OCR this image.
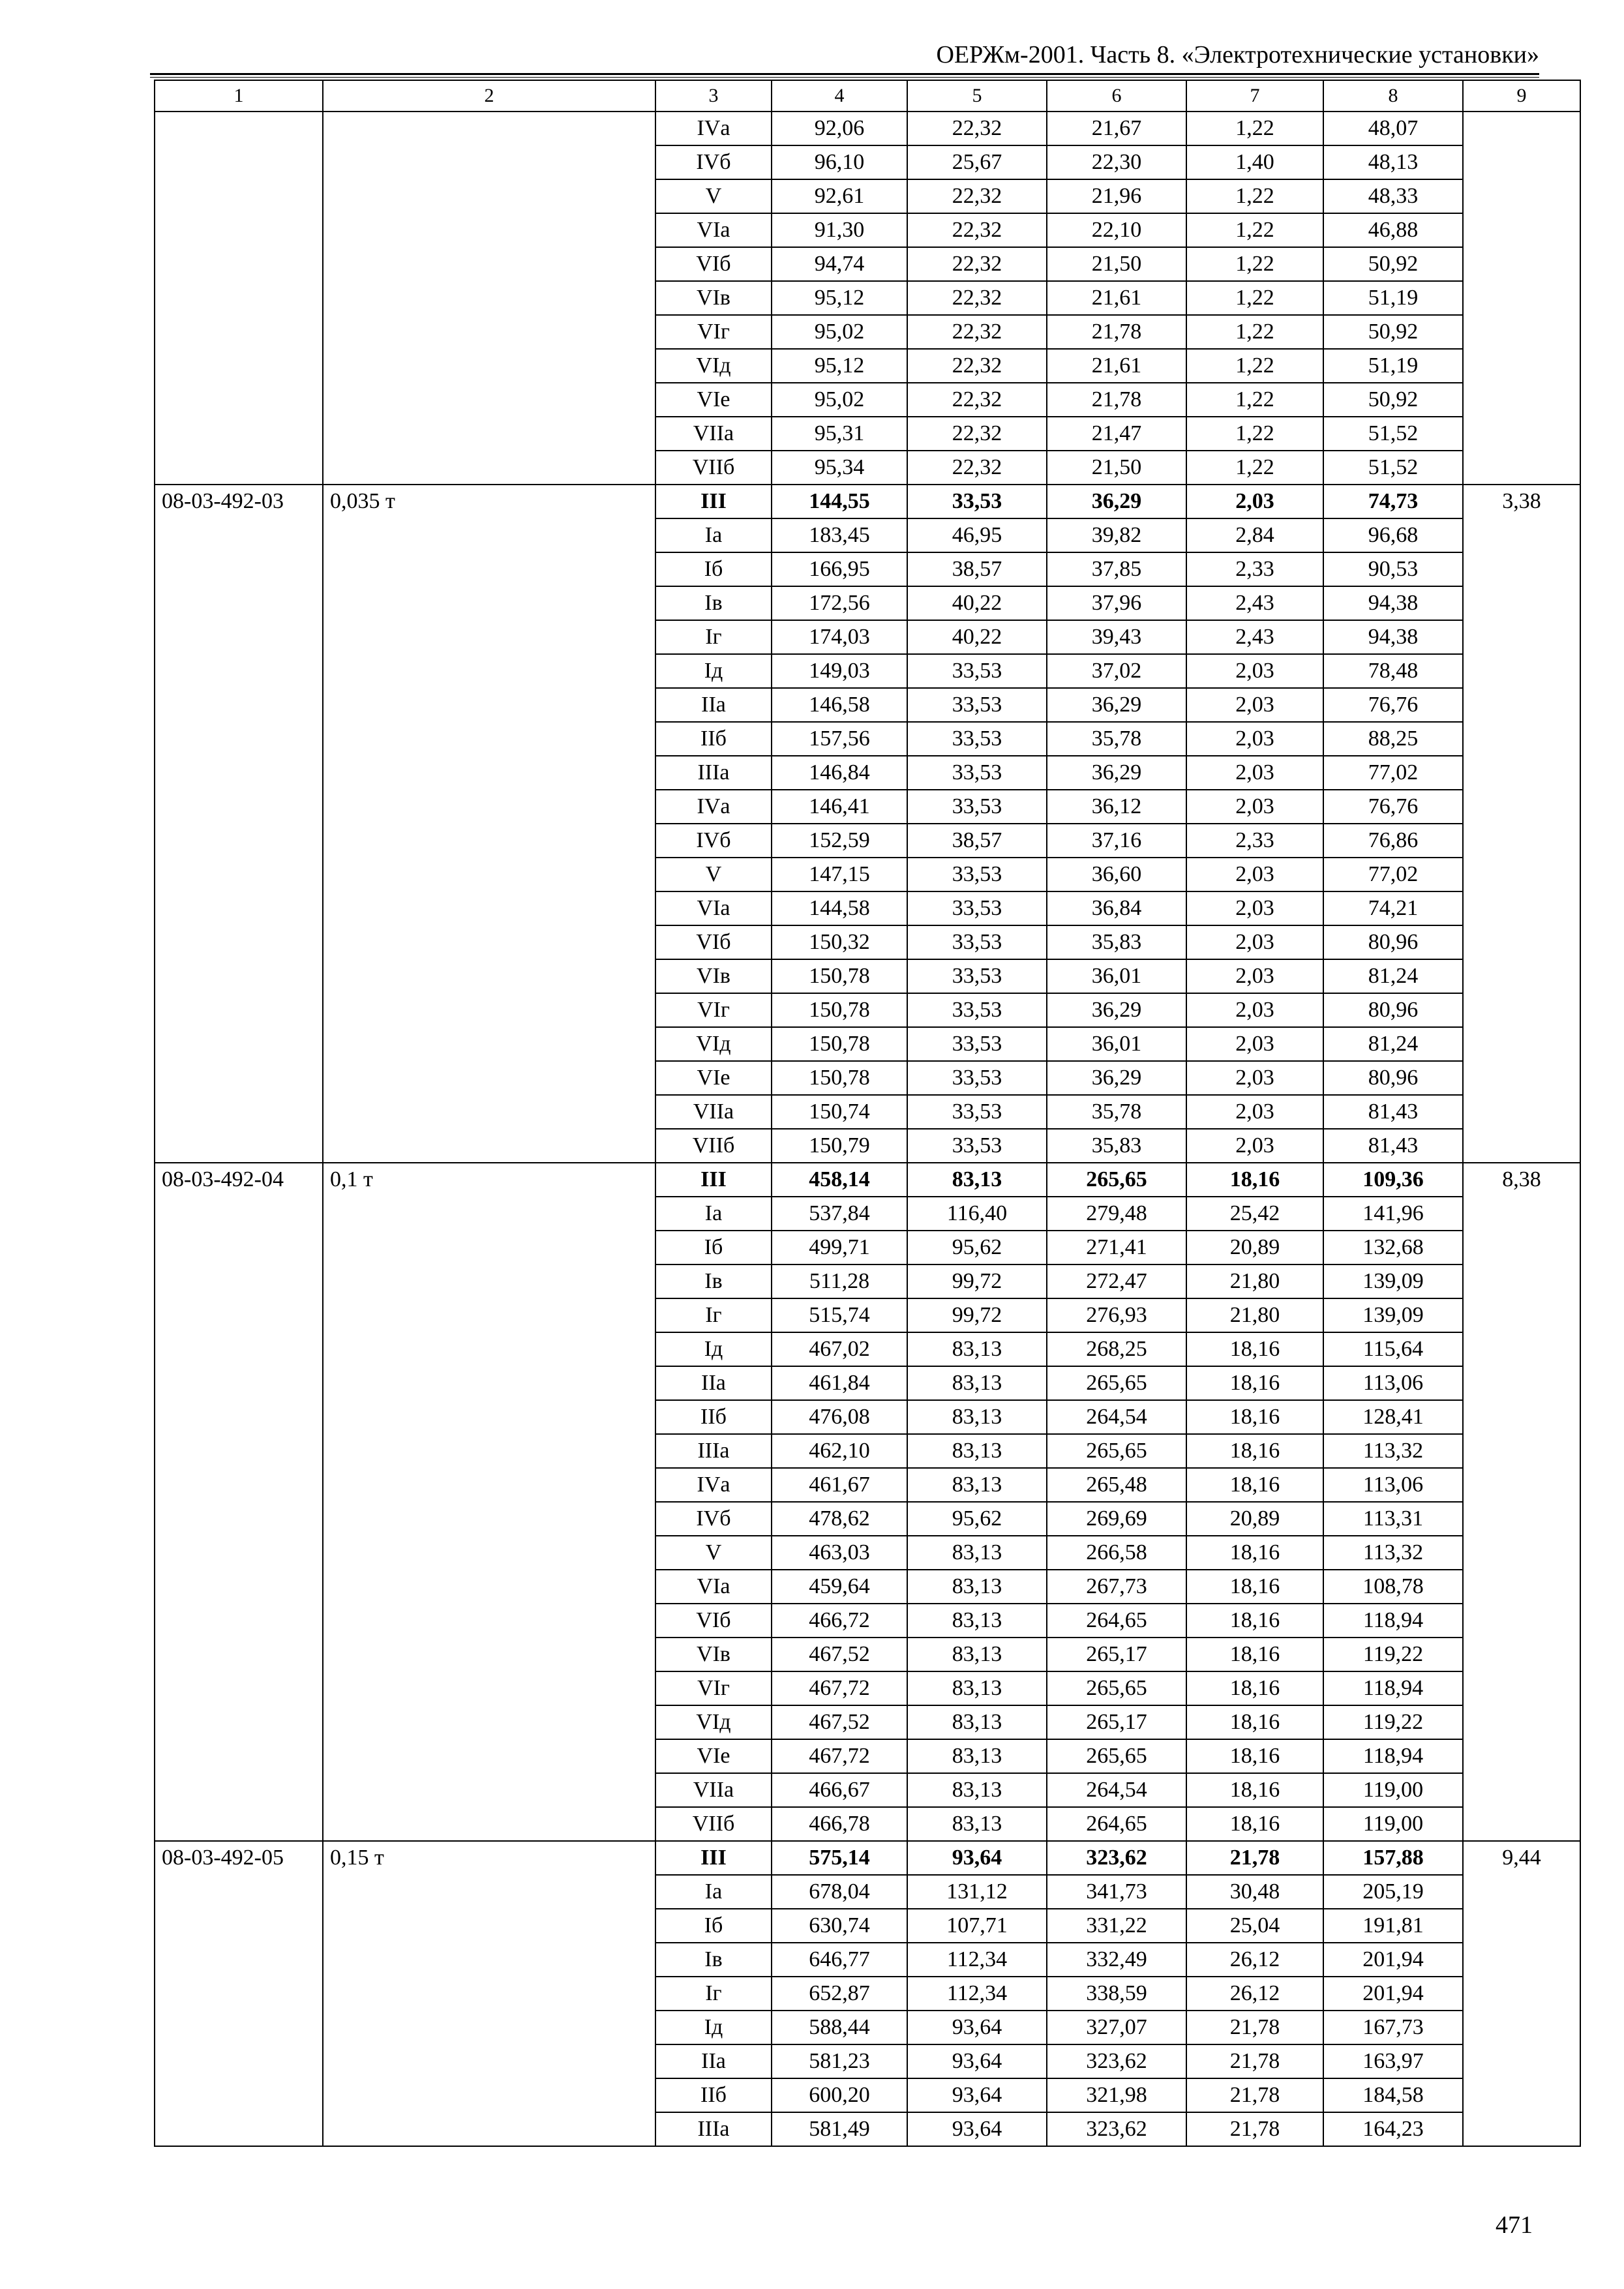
ОЕРЖм-2001. Часть 8. «Электротехнические установки»
1	2	3	4	5	6	7	8	9
		IVа	92,06	22,32	21,67	1,22	48,07	
		IVб	96,10	25,67	22,30	1,40	48,13	
		V	92,61	22,32	21,96	1,22	48,33	
		VIа	91,30	22,32	22,10	1,22	46,88	
		VIб	94,74	22,32	21,50	1,22	50,92	
		VIв	95,12	22,32	21,61	1,22	51,19	
		VIг	95,02	22,32	21,78	1,22	50,92	
		VIд	95,12	22,32	21,61	1,22	51,19	
		VIе	95,02	22,32	21,78	1,22	50,92	
		VIIа	95,31	22,32	21,47	1,22	51,52	
		VIIб	95,34	22,32	21,50	1,22	51,52	
08-03-492-03	0,035 т	III	144,55	33,53	36,29	2,03	74,73	3,38
		Iа	183,45	46,95	39,82	2,84	96,68	
		Iб	166,95	38,57	37,85	2,33	90,53	
		Iв	172,56	40,22	37,96	2,43	94,38	
		Iг	174,03	40,22	39,43	2,43	94,38	
		Iд	149,03	33,53	37,02	2,03	78,48	
		IIа	146,58	33,53	36,29	2,03	76,76	
		IIб	157,56	33,53	35,78	2,03	88,25	
		IIIа	146,84	33,53	36,29	2,03	77,02	
		IVа	146,41	33,53	36,12	2,03	76,76	
		IVб	152,59	38,57	37,16	2,33	76,86	
		V	147,15	33,53	36,60	2,03	77,02	
		VIа	144,58	33,53	36,84	2,03	74,21	
		VIб	150,32	33,53	35,83	2,03	80,96	
		VIв	150,78	33,53	36,01	2,03	81,24	
		VIг	150,78	33,53	36,29	2,03	80,96	
		VIд	150,78	33,53	36,01	2,03	81,24	
		VIе	150,78	33,53	36,29	2,03	80,96	
		VIIа	150,74	33,53	35,78	2,03	81,43	
		VIIб	150,79	33,53	35,83	2,03	81,43	
08-03-492-04	0,1 т	III	458,14	83,13	265,65	18,16	109,36	8,38
		Iа	537,84	116,40	279,48	25,42	141,96	
		Iб	499,71	95,62	271,41	20,89	132,68	
		Iв	511,28	99,72	272,47	21,80	139,09	
		Iг	515,74	99,72	276,93	21,80	139,09	
		Iд	467,02	83,13	268,25	18,16	115,64	
		IIа	461,84	83,13	265,65	18,16	113,06	
		IIб	476,08	83,13	264,54	18,16	128,41	
		IIIа	462,10	83,13	265,65	18,16	113,32	
		IVа	461,67	83,13	265,48	18,16	113,06	
		IVб	478,62	95,62	269,69	20,89	113,31	
		V	463,03	83,13	266,58	18,16	113,32	
		VIа	459,64	83,13	267,73	18,16	108,78	
		VIб	466,72	83,13	264,65	18,16	118,94	
		VIв	467,52	83,13	265,17	18,16	119,22	
		VIг	467,72	83,13	265,65	18,16	118,94	
		VIд	467,52	83,13	265,17	18,16	119,22	
		VIе	467,72	83,13	265,65	18,16	118,94	
		VIIа	466,67	83,13	264,54	18,16	119,00	
		VIIб	466,78	83,13	264,65	18,16	119,00	
08-03-492-05	0,15 т	III	575,14	93,64	323,62	21,78	157,88	9,44
		Iа	678,04	131,12	341,73	30,48	205,19	
		Iб	630,74	107,71	331,22	25,04	191,81	
		Iв	646,77	112,34	332,49	26,12	201,94	
		Iг	652,87	112,34	338,59	26,12	201,94	
		Iд	588,44	93,64	327,07	21,78	167,73	
		IIа	581,23	93,64	323,62	21,78	163,97	
		IIб	600,20	93,64	321,98	21,78	184,58	
		IIIа	581,49	93,64	323,62	21,78	164,23	
471
